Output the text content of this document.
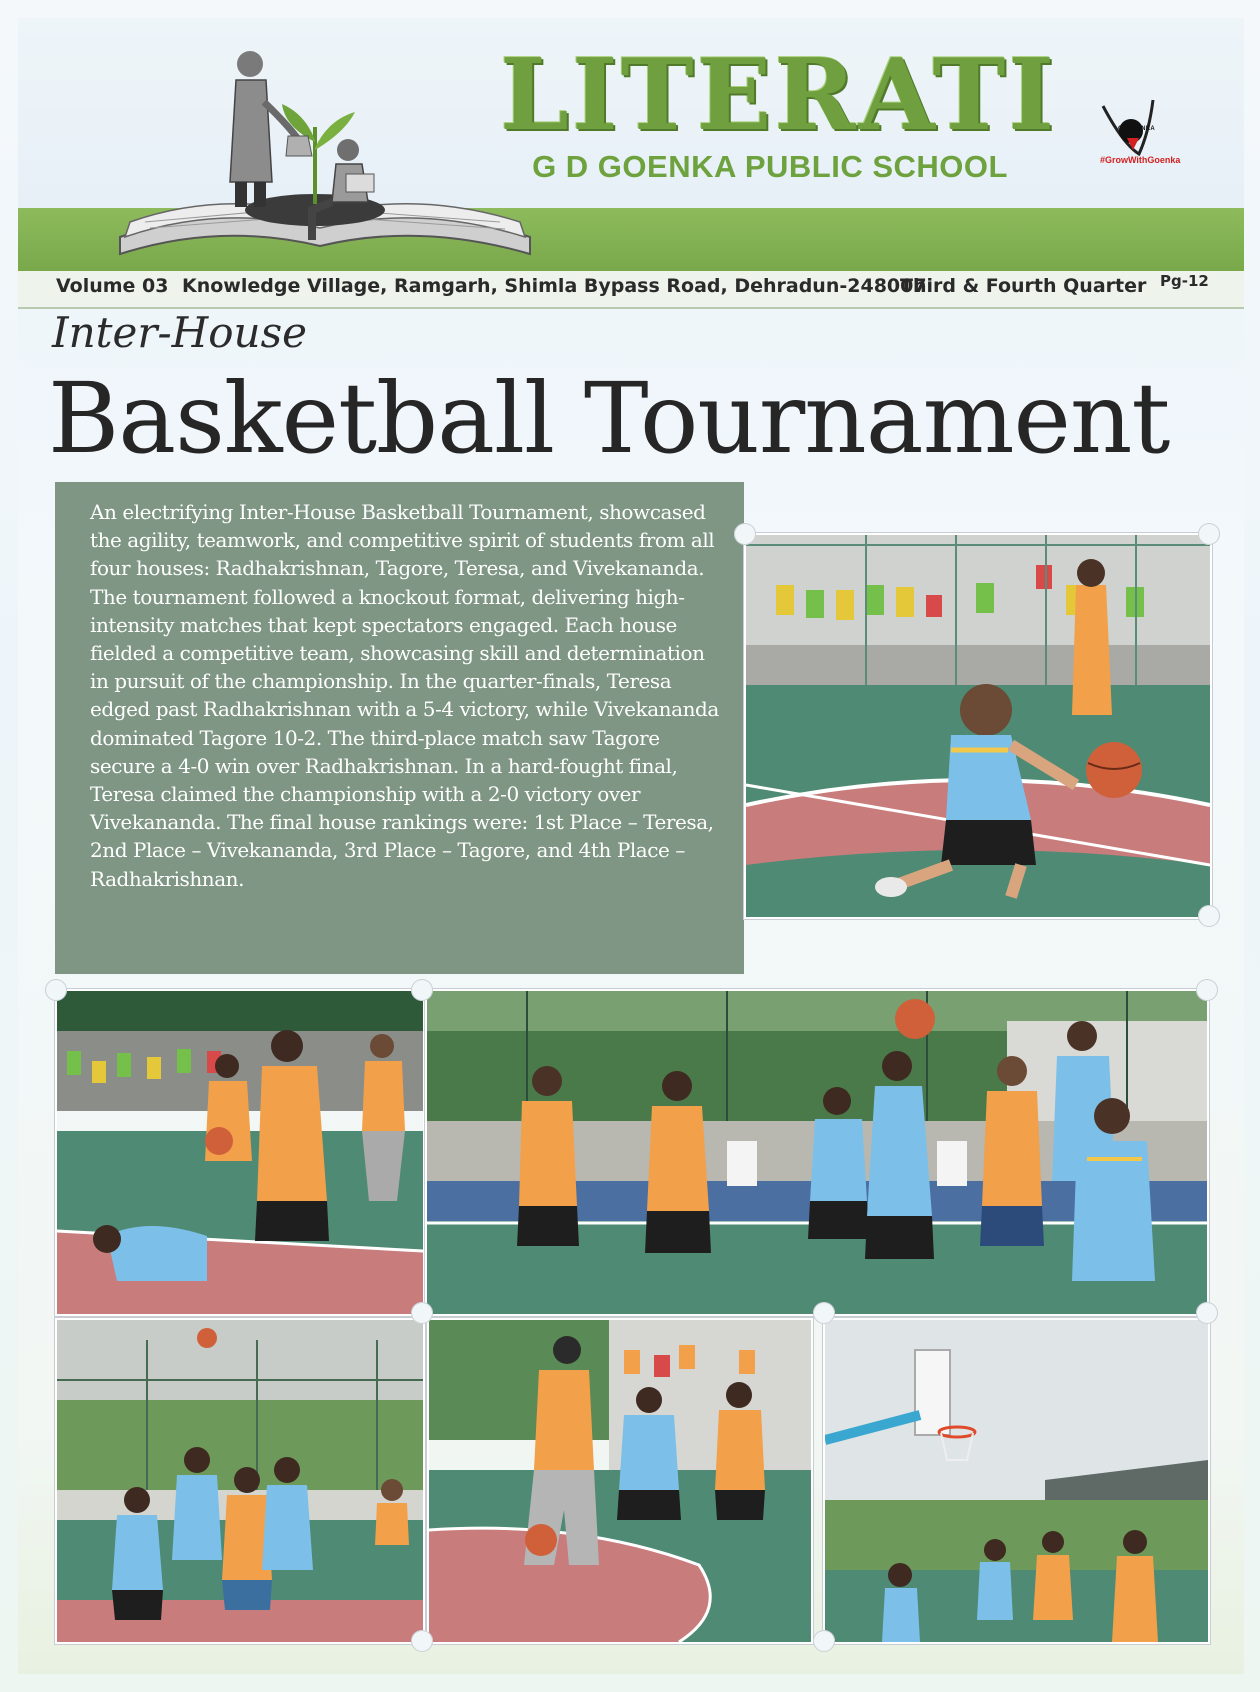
LITERATI
G D GOENKA PUBLIC SCHOOL
G. GOENKA
#GrowWithGoenka
Volume 03 Knowledge Village, Ramgarh, Shimla Bypass Road, Dehradun-248007
Third & Fourth Quarter Pg-12
Inter-House
Basketball Tournament

An electrifying Inter-House Basketball Tournament, showcased the agility, teamwork, and competitive spirit of students from all four houses: Radhakrishnan, Tagore, Teresa, and Vivekananda.

The tournament followed a knockout format, delivering high-intensity matches that kept spectators engaged. Each house fielded a competitive team, showcasing skill and determination in pursuit of the championship. In the quarter-finals, Teresa edged past Radhakrishnan with a 5-4 victory, while Vivekananda dominated Tagore 10-2. The third-place match saw Tagore secure a 4-0 win over Radhakrishnan. In a hard-fought final, Teresa claimed the championship with a 2-0 victory over Vivekananda. The final house rankings were: 1st Place – Teresa, 2nd Place – Vivekananda, 3rd Place – Tagore, and 4th Place – Radhakrishnan.
